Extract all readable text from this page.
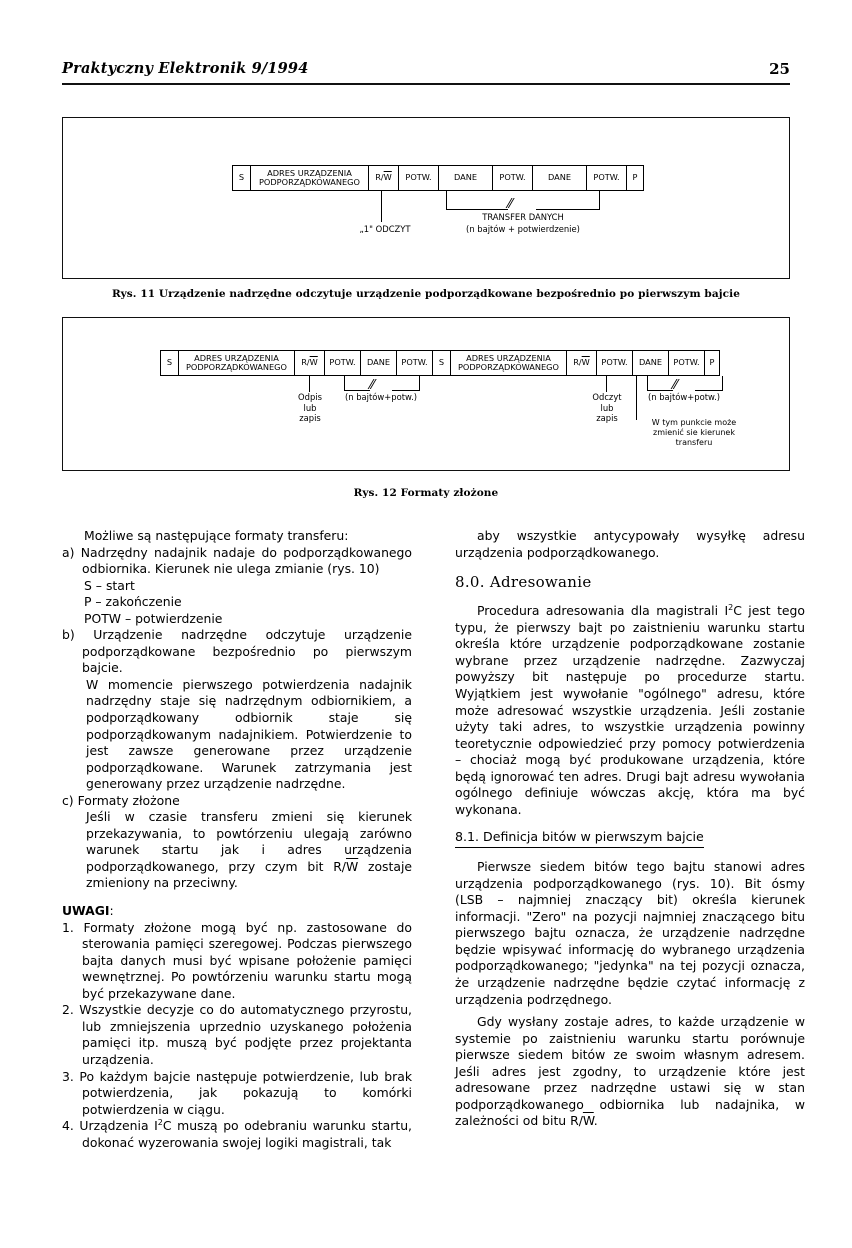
Praktyczny Elektronik 9/1994	25
S	ADRES URZĄDZENIA
PODPORZĄDKOWANEGO	R/ $\overline{W}$	POTW.	DANE	POTW.	DANE	POTW.	P
„1" ODCZYT
⁄⁄
TRANSFER DANYCH
(n bajtów + potwierdzenie)
Rys. 11 Urządzenie nadrzędne odczytuje urządzenie podporządkowane bezpośrednio po pierwszym bajcie
S	ADRES URZĄDZENIA
PODPORZĄDKOWANEGO	R/ $\overline{W}$	POTW.	DANE	POTW.	S	ADRES URZĄDZENIA
PODPORZĄDKOWANEGO	R/ $\overline{W}$	POTW.	DANE	POTW.	P
Odpis
lub
zapis
⁄⁄
(n bajtów+potw.)	Odczyt
lub
zapis
⁄⁄
(n bajtów+potw.)
W tym punkcie może
zmienić sie kierunek
transferu
Rys. 12 Formaty złożone

Możliwe są następujące formaty transferu:

a) Nadrzędny nadajnik nadaje do podporządkowanego odbiornika. Kierunek nie ulega zmianie (rys. 10)

S – start

P – zakończenie

POTW – potwierdzenie

b) Urządzenie nadrzędne odczytuje urządzenie podporządkowane bezpośrednio po pierwszym bajcie.

W momencie pierwszego potwierdzenia nadajnik nadrzędny staje się nadrzędnym odbiornikiem, a podporządkowany odbiornik staje się podporządkowanym nadajnikiem. Potwierdzenie to jest zawsze generowane przez urządzenie podporządkowane. Warunek zatrzymania jest generowany przez urządzenie nadrzędne.

c) Formaty złożone

Jeśli w czasie transferu zmieni się kierunek przekazywania, to powtórzeniu ulegają zarówno warunek startu jak i adres urządzenia podporządkowanego, przy czym bit $R/\overline{W}$ zostaje zmieniony na przeciwny.

UWAGI:

1. Formaty złożone mogą być np. zastosowane do sterowania pamięci szeregowej. Podczas pierwszego bajta danych musi być wpisane położenie pamięci wewnętrznej. Po powtórzeniu warunku startu mogą być przekazywane dane.

2. Wszystkie decyzje co do automatycznego przyrostu, lub zmniejszenia uprzednio uzyskanego położenia pamięci itp. muszą być podjęte przez projektanta urządzenia.

3. Po każdym bajcie następuje potwierdzenie, lub brak potwierdzenia, jak pokazują to komórki potwierdzenia w ciągu.

4. Urządzenia $I^2C$ muszą po odebraniu warunku startu, dokonać wyzerowania swojej logiki magistrali, tak

aby wszystkie antycypowały wysyłkę adresu urządzenia podporządkowanego.

8.0. Adresowanie

Procedura adresowania dla magistrali $I^2C$ jest tego typu, że pierwszy bajt po zaistnieniu warunku startu określa które urządzenie podporządkowane zostanie wybrane przez urządzenie nadrzędne. Zazwyczaj powyższy bit następuje po procedurze startu. Wyjątkiem jest wywołanie "ogólnego" adresu, które może adresować wszystkie urządzenia. Jeśli zostanie użyty taki adres, to wszystkie urządzenia powinny teoretycznie odpowiedzieć przy pomocy potwierdzenia – chociaż mogą być produkowane urządzenia, które będą ignorować ten adres. Drugi bajt adresu wywołania ogólnego definiuje wówczas akcję, która ma być wykonana.

8.1. Definicja bitów w pierwszym bajcie

Pierwsze siedem bitów tego bajtu stanowi adres urządzenia podporządkowanego (rys. 10). Bit ósmy (LSB – najmniej znaczący bit) określa kierunek informacji. "Zero" na pozycji najmniej znaczącego bitu pierwszego bajtu oznacza, że urządzenie nadrzędne będzie wpisywać informację do wybranego urządzenia podporządkowanego; "jedynka" na tej pozycji oznacza, że urządzenie nadrzędne będzie czytać informację z urządzenia podrzędnego.

Gdy wysłany zostaje adres, to każde urządzenie w systemie po zaistnieniu warunku startu porównuje pierwsze siedem bitów ze swoim własnym adresem. Jeśli adres jest zgodny, to urządzenie które jest adresowane przez nadrzędne ustawi się w stan podporządkowanego odbiornika lub nadajnika, w zależności od bitu $R/\overline{W}$.
